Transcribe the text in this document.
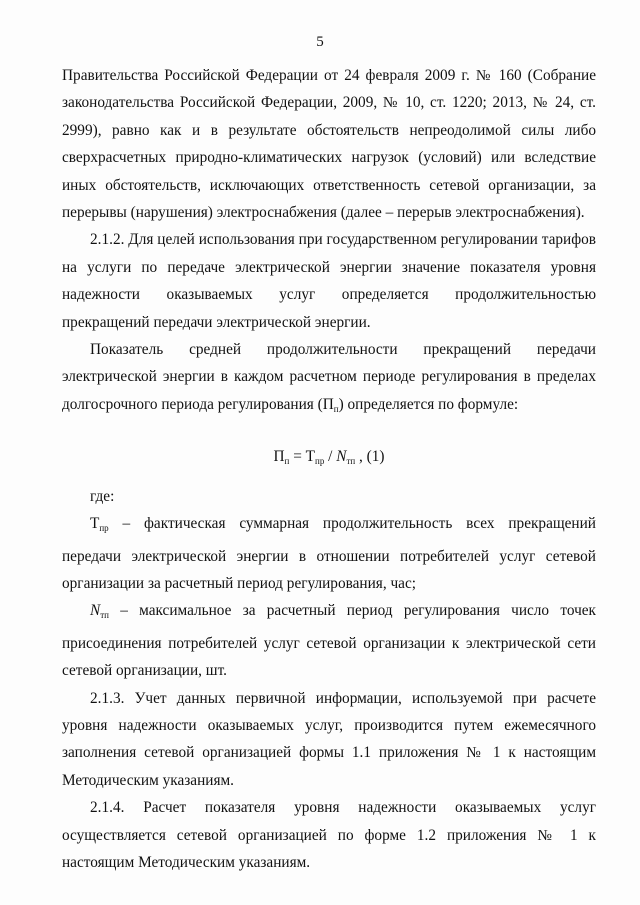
5

Правительства Российской Федерации от 24 февраля 2009 г. № 160 (Собрание законодательства Российской Федерации, 2009, № 10, ст. 1220; 2013, № 24, ст. 2999), равно как и в результате обстоятельств непреодолимой силы либо сверхрасчетных природно-климатических нагрузок (условий) или вследствие иных обстоятельств, исключающих ответственность сетевой организации, за перерывы (нарушения) электроснабжения (далее – перерыв электроснабжения).

2.1.2. Для целей использования при государственном регулировании тарифов на услуги по передаче электрической энергии значение показателя уровня надежности оказываемых услуг определяется продолжительностью прекращений передачи электрической энергии.

Показатель средней продолжительности прекращений передачи электрической энергии в каждом расчетном периоде регулирования в пределах долгосрочного периода регулирования $(П_п)$ определяется по формуле:

$П_п = Т_{пр} / N_{тп}$ , (1)

где:

$Т_{пр}$ – фактическая суммарная продолжительность всех прекращений передачи электрической энергии в отношении потребителей услуг сетевой организации за расчетный период регулирования, час;

$N_{тп}$ – максимальное за расчетный период регулирования число точек присоединения потребителей услуг сетевой организации к электрической сети сетевой организации, шт.

2.1.3. Учет данных первичной информации, используемой при расчете уровня надежности оказываемых услуг, производится путем ежемесячного заполнения сетевой организацией формы 1.1 приложения № 1 к настоящим Методическим указаниям.

2.1.4. Расчет показателя уровня надежности оказываемых услуг осуществляется сетевой организацией по форме 1.2 приложения № 1 к настоящим Методическим указаниям.
